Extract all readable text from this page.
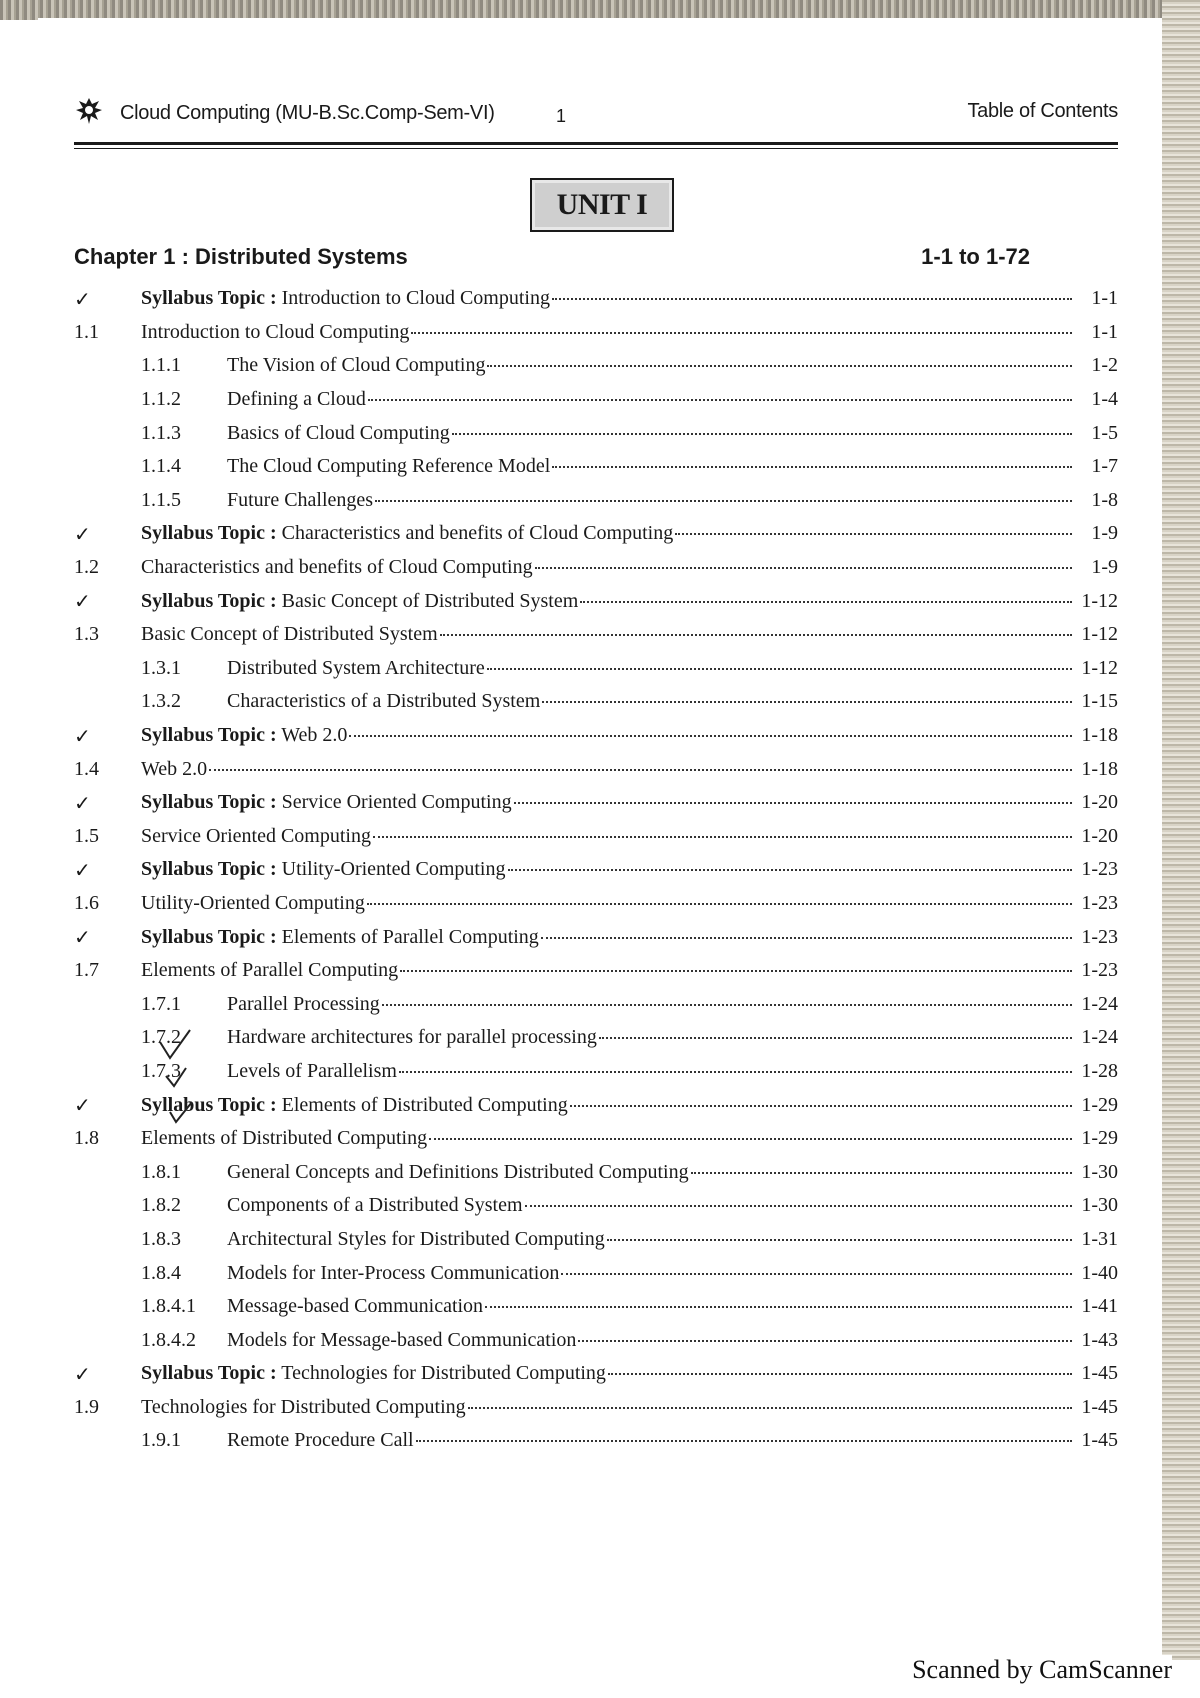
Cloud Computing (MU-B.Sc.Comp-Sem-VI)	1	Table of Contents
UNIT I
Chapter 1 : Distributed Systems	1-1 to 1-72
✓	Syllabus Topic : Introduction to Cloud Computing	1-1
1.1	Introduction to Cloud Computing	1-1
1.1.1	The Vision of Cloud Computing	1-2
1.1.2	Defining a Cloud	1-4
1.1.3	Basics of Cloud Computing	1-5
1.1.4	The Cloud Computing Reference Model	1-7
1.1.5	Future Challenges	1-8
✓	Syllabus Topic : Characteristics and benefits of Cloud Computing	1-9
1.2	Characteristics and benefits of Cloud Computing	1-9
✓	Syllabus Topic : Basic Concept of Distributed System	1-12
1.3	Basic Concept of Distributed System	1-12
1.3.1	Distributed System Architecture	1-12
1.3.2	Characteristics of a Distributed System	1-15
✓	Syllabus Topic : Web 2.0	1-18
1.4	Web 2.0	1-18
✓	Syllabus Topic : Service Oriented Computing	1-20
1.5	Service Oriented Computing	1-20
✓	Syllabus Topic : Utility-Oriented Computing	1-23
1.6	Utility-Oriented Computing	1-23
✓	Syllabus Topic : Elements of Parallel Computing	1-23
1.7	Elements of Parallel Computing	1-23
1.7.1	Parallel Processing	1-24
1.7.2	Hardware architectures for parallel processing	1-24
1.7.3	Levels of Parallelism	1-28
✓	Syllabus Topic : Elements of Distributed Computing	1-29
1.8	Elements of Distributed Computing	1-29
1.8.1	General Concepts and Definitions Distributed Computing	1-30
1.8.2	Components of a Distributed System	1-30
1.8.3	Architectural Styles for Distributed Computing	1-31
1.8.4	Models for Inter-Process Communication	1-40
1.8.4.1	Message-based Communication	1-41
1.8.4.2	Models for Message-based Communication	1-43
✓	Syllabus Topic : Technologies for Distributed Computing	1-45
1.9	Technologies for Distributed Computing	1-45
1.9.1	Remote Procedure Call	1-45
Scanned by CamScanner
